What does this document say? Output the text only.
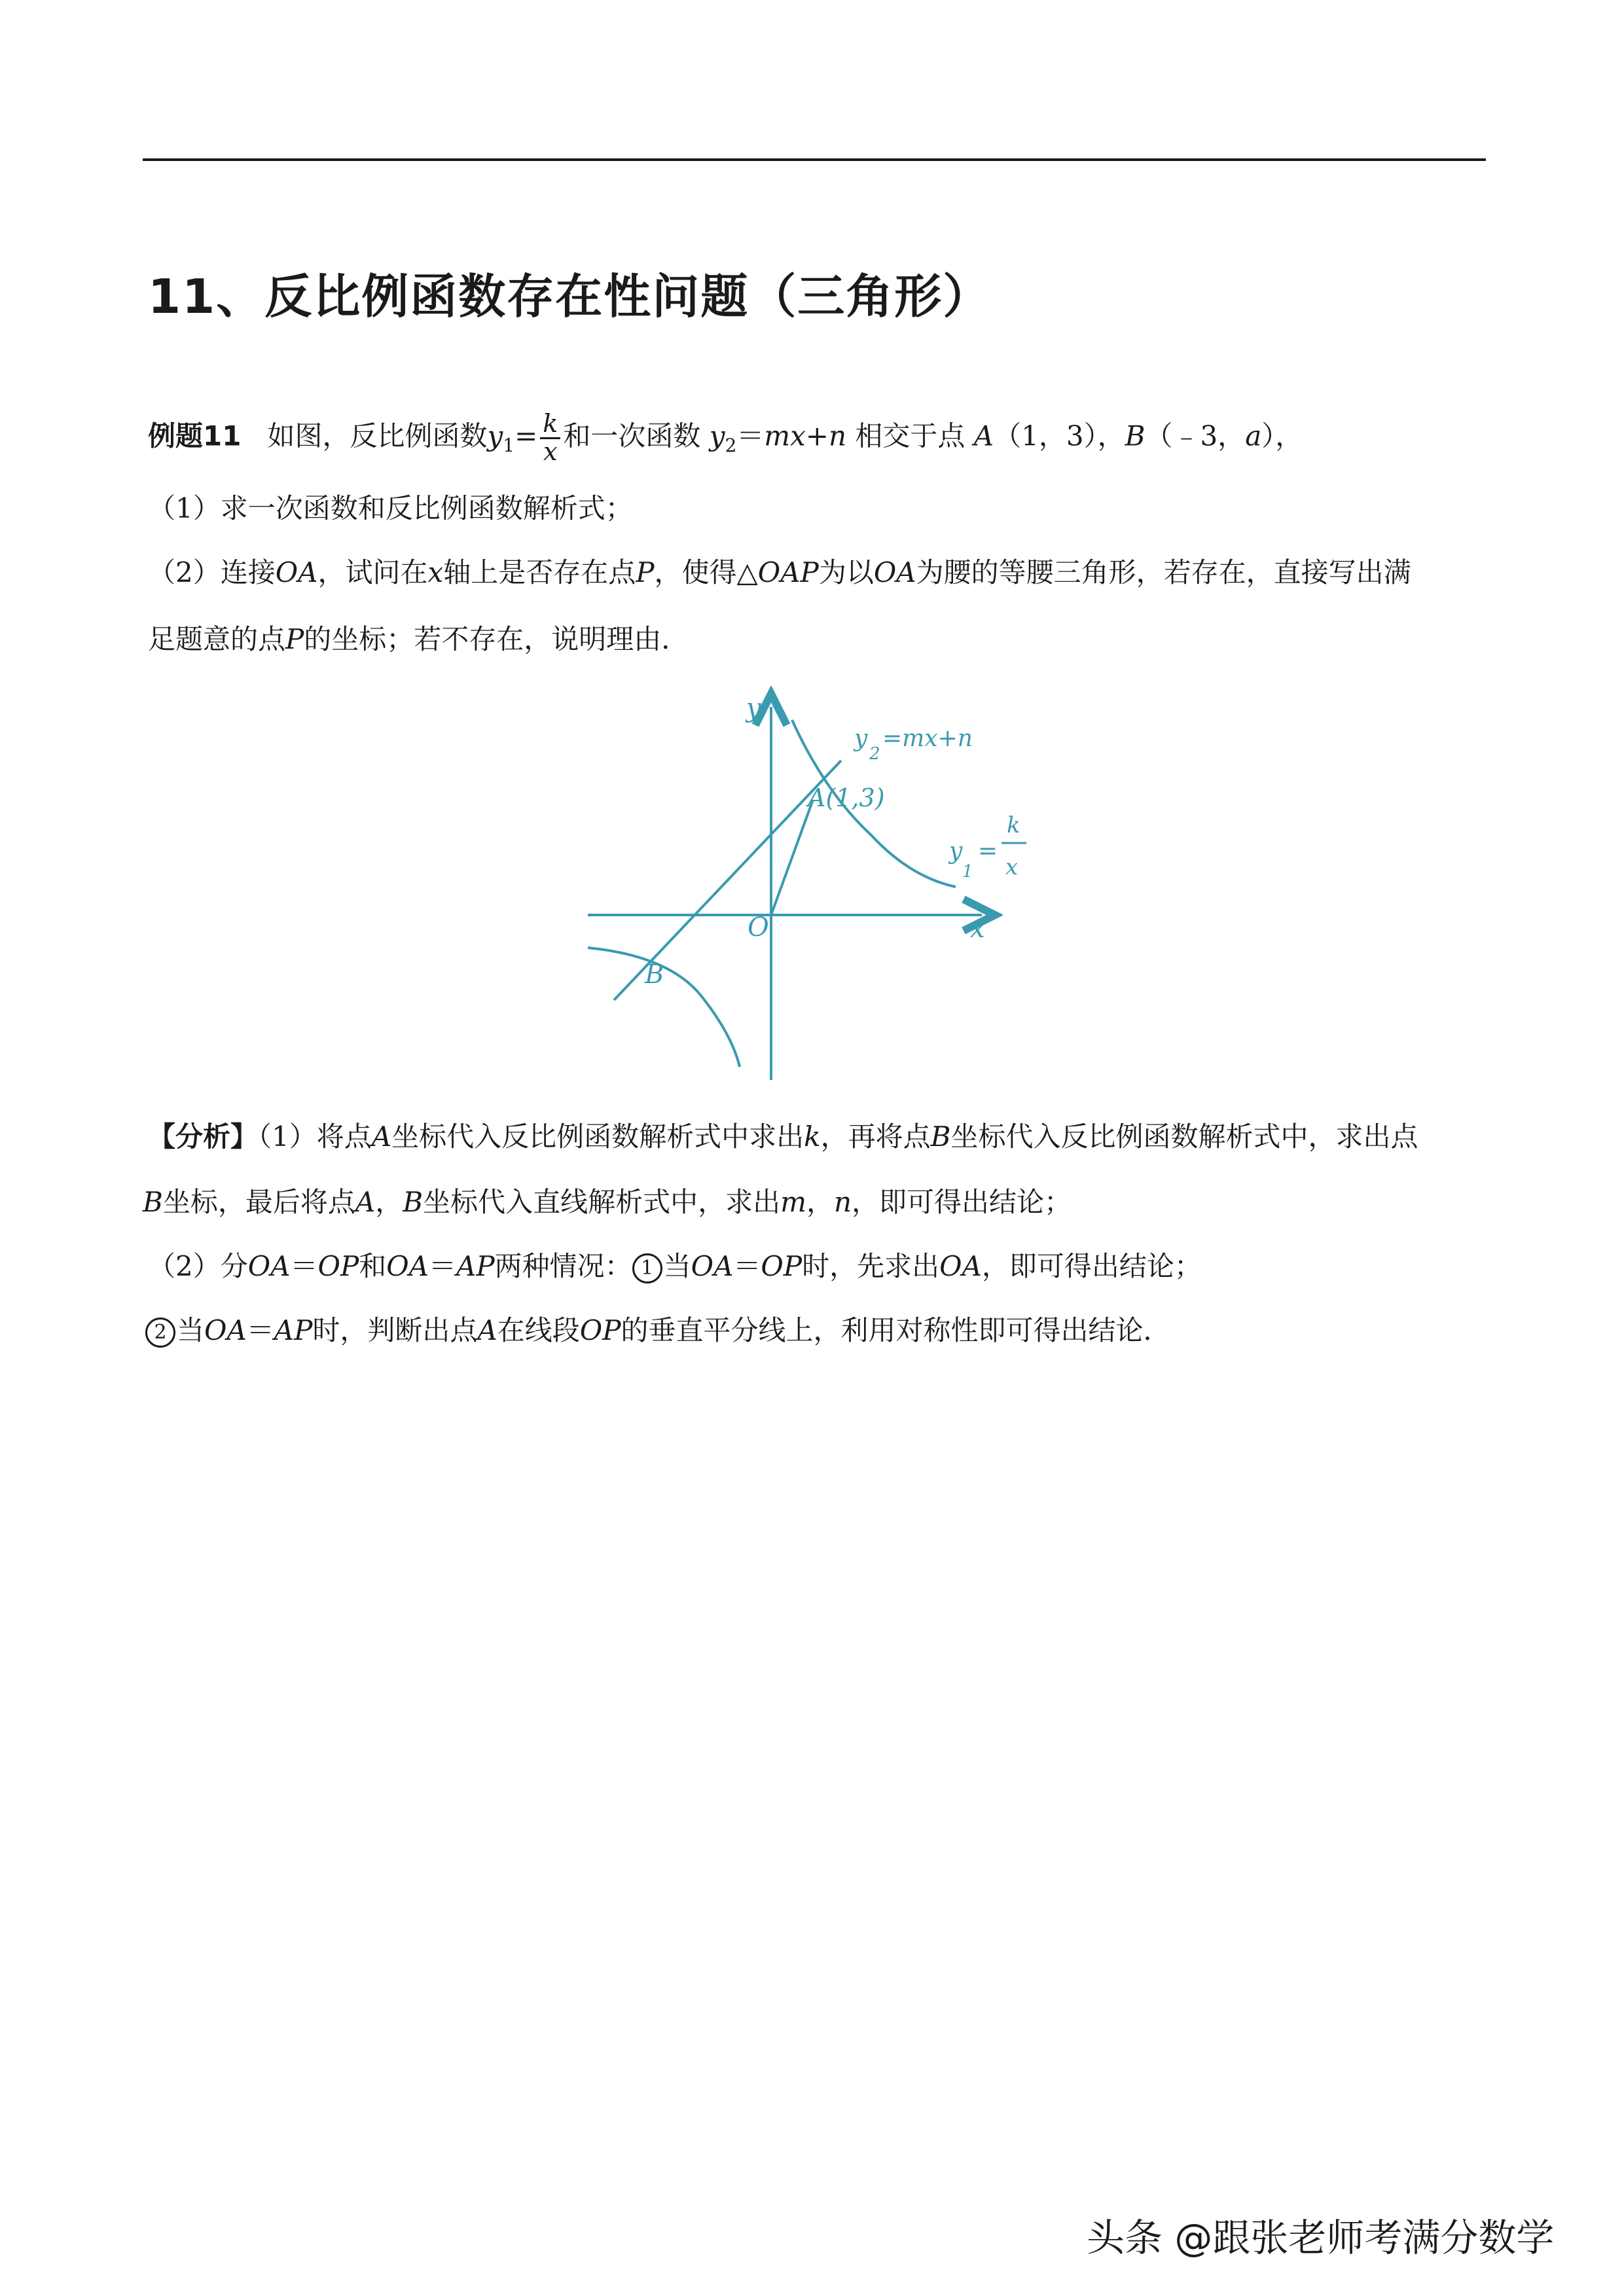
11、反比例函数存在性问题（三角形）
例题11 如图，反比例函数$y_1= \frac{k}{x}$ 和一次函数 $y_2=mx+n$ 相交于点 A（1，3），B（﹣3，a），
（1）求一次函数和反比例函数解析式；
（2）连接OA，试问在x轴上是否存在点P，使得△OAP为以OA为腰的等腰三角形，若存在，直接写出满
足题意的点P的坐标；若不存在，说明理由．
y
x
O
y
2
=mx+n
A(1,3)
B
y
1
=
k
x
【分析】（1）将点A坐标代入反比例函数解析式中求出k，再将点B坐标代入反比例函数解析式中，求出点
B坐标，最后将点A，B坐标代入直线解析式中，求出m，n，即可得出结论；
（2）分OA＝OP和OA＝AP两种情况： 1 当OA＝OP时，先求出OA，即可得出结论；
2 当OA＝AP时，判断出点A在线段OP的垂直平分线上，利用对称性即可得出结论．
头条 @跟张老师考满分数学
